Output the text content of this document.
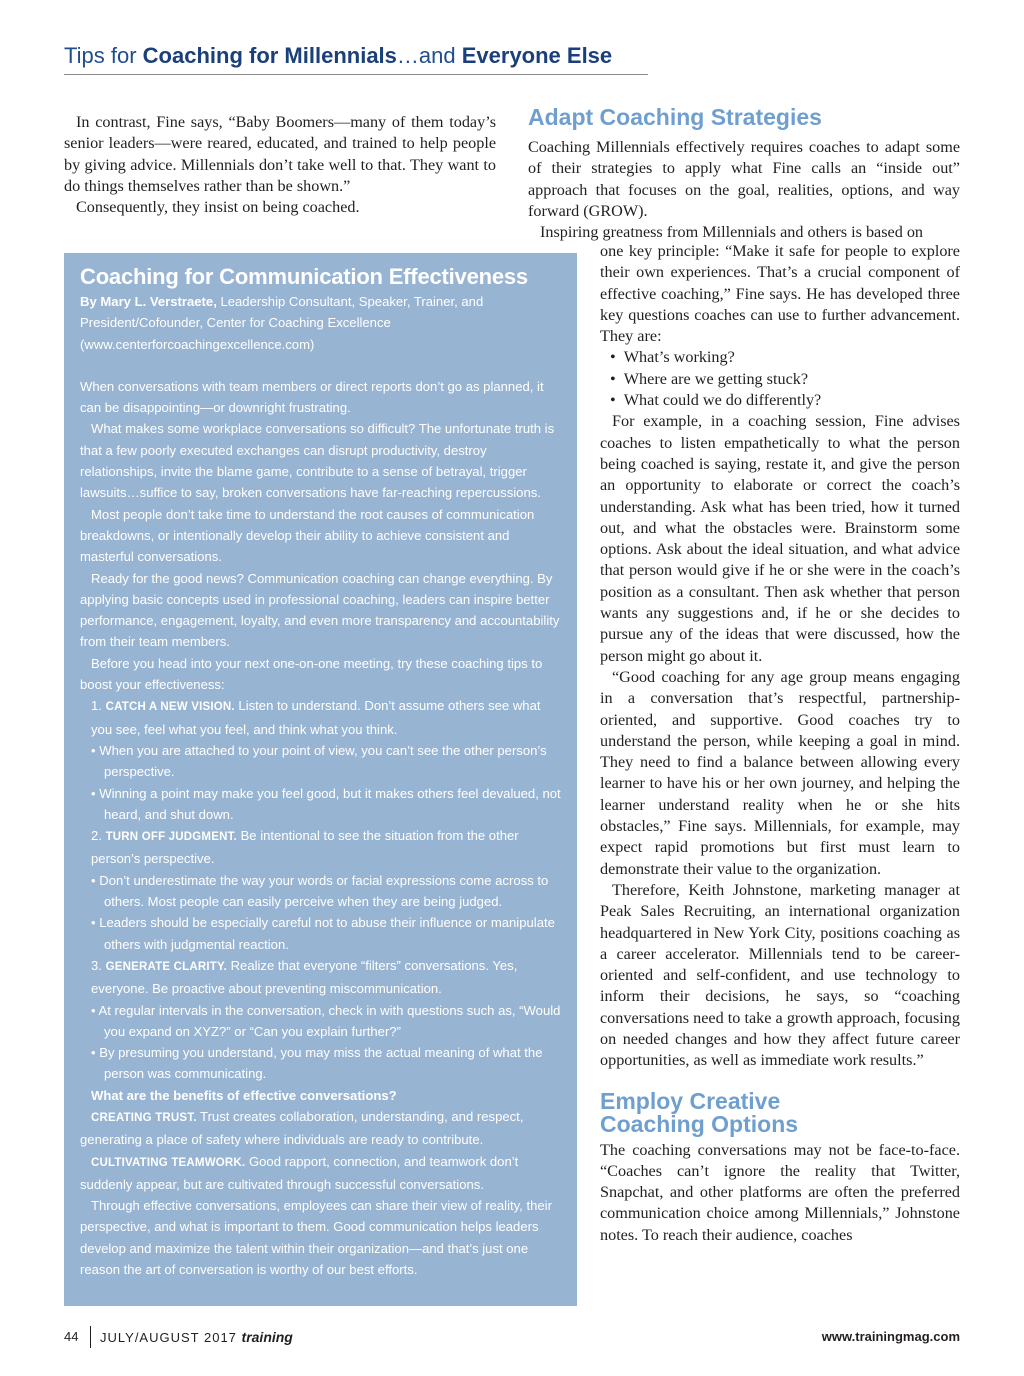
Tips for Coaching for Millennials…and Everyone Else

In contrast, Fine says, “Baby Boomers—many of them today’s senior leaders—were reared, educated, and trained to help people by giving advice. Millennials don’t take well to that. They want to do things themselves rather than be shown.”

Consequently, they insist on being coached.

Coaching for Communication Effectiveness

By Mary L. Verstraete, Leadership Consultant, Speaker, Trainer, and President/Cofounder, Center for Coaching Excellence (www.centerforcoachingexcellence.com)

When conversations with team members or direct reports don’t go as planned, it can be disappointing—or downright frustrating.

What makes some workplace conversations so difficult? The unfortunate truth is that a few poorly executed exchanges can disrupt productivity, destroy relationships, invite the blame game, contribute to a sense of betrayal, trigger lawsuits…suffice to say, broken conversations have far-reaching repercussions.

Most people don’t take time to understand the root causes of communication breakdowns, or intentionally develop their ability to achieve consistent and masterful conversations.

Ready for the good news? Communication coaching can change everything. By applying basic concepts used in professional coaching, leaders can inspire better performance, engagement, loyalty, and even more transparency and accountability from their team members.

Before you head into your next one-on-one meeting, try these coaching tips to boost your effectiveness:

1. CATCH A NEW VISION. Listen to understand. Don’t assume others see what you see, feel what you feel, and think what you think.

• When you are attached to your point of view, you can’t see the other person’s perspective.

• Winning a point may make you feel good, but it makes others feel devalued, not heard, and shut down.

2. TURN OFF JUDGMENT. Be intentional to see the situation from the other person’s perspective.

• Don’t underestimate the way your words or facial expressions come across to others. Most people can easily perceive when they are being judged.

• Leaders should be especially careful not to abuse their influence or manipulate others with judgmental reaction.

3. GENERATE CLARITY. Realize that everyone “filters” conversations. Yes, everyone. Be proactive about preventing miscommunication.

• At regular intervals in the conversation, check in with questions such as, “Would you expand on XYZ?” or “Can you explain further?”

• By presuming you understand, you may miss the actual meaning of what the person was communicating.

What are the benefits of effective conversations?

CREATING TRUST. Trust creates collaboration, understanding, and respect, generating a place of safety where individuals are ready to contribute.

CULTIVATING TEAMWORK. Good rapport, connection, and teamwork don’t suddenly appear, but are cultivated through successful conversations.

Through effective conversations, employees can share their view of reality, their perspective, and what is important to them. Good communication helps leaders develop and maximize the talent within their organization—and that’s just one reason the art of conversation is worthy of our best efforts.

Adapt Coaching Strategies

Coaching Millennials effectively requires coaches to adapt some of their strategies to apply what Fine calls an “inside out” approach that focuses on the goal, realities, options, and way forward (GROW).

Inspiring greatness from Millennials and others is based on

one key principle: “Make it safe for people to explore their own experiences. That’s a crucial component of effective coaching,” Fine says. He has developed three key questions coaches can use to further advancement. They are:

• What’s working?
• Where are we getting stuck?
• What could we do differently?

For example, in a coaching session, Fine advises coaches to listen empathetically to what the person being coached is saying, restate it, and give the person an opportunity to elaborate or correct the coach’s understanding. Ask what has been tried, how it turned out, and what the obstacles were. Brainstorm some options. Ask about the ideal situation, and what advice that person would give if he or she were in the coach’s position as a consultant. Then ask whether that person wants any suggestions and, if he or she decides to pursue any of the ideas that were discussed, how the person might go about it.

“Good coaching for any age group means engaging in a conversation that’s respectful, partnership-oriented, and supportive. Good coaches try to understand the person, while keeping a goal in mind. They need to find a balance between allowing every learner to have his or her own journey, and helping the learner understand reality when he or she hits obstacles,” Fine says. Millennials, for example, may expect rapid promotions but first must learn to demonstrate their value to the organization.

Therefore, Keith Johnstone, marketing manager at Peak Sales Recruiting, an international organization headquartered in New York City, positions coaching as a career accelerator. Millennials tend to be career-oriented and self-confident, and use technology to inform their decisions, he says, so “coaching conversations need to take a growth approach, focusing on needed changes and how they affect future career opportunities, as well as immediate work results.”

Employ Creative
Coaching Options

The coaching conversations may not be face-to-face. “Coaches can’t ignore the reality that Twitter, Snapchat, and other platforms are often the preferred communication choice among Millennials,” Johnstone notes. To reach their audience, coaches

44 JULY/AUGUST 2017 training	www.trainingmag.com
